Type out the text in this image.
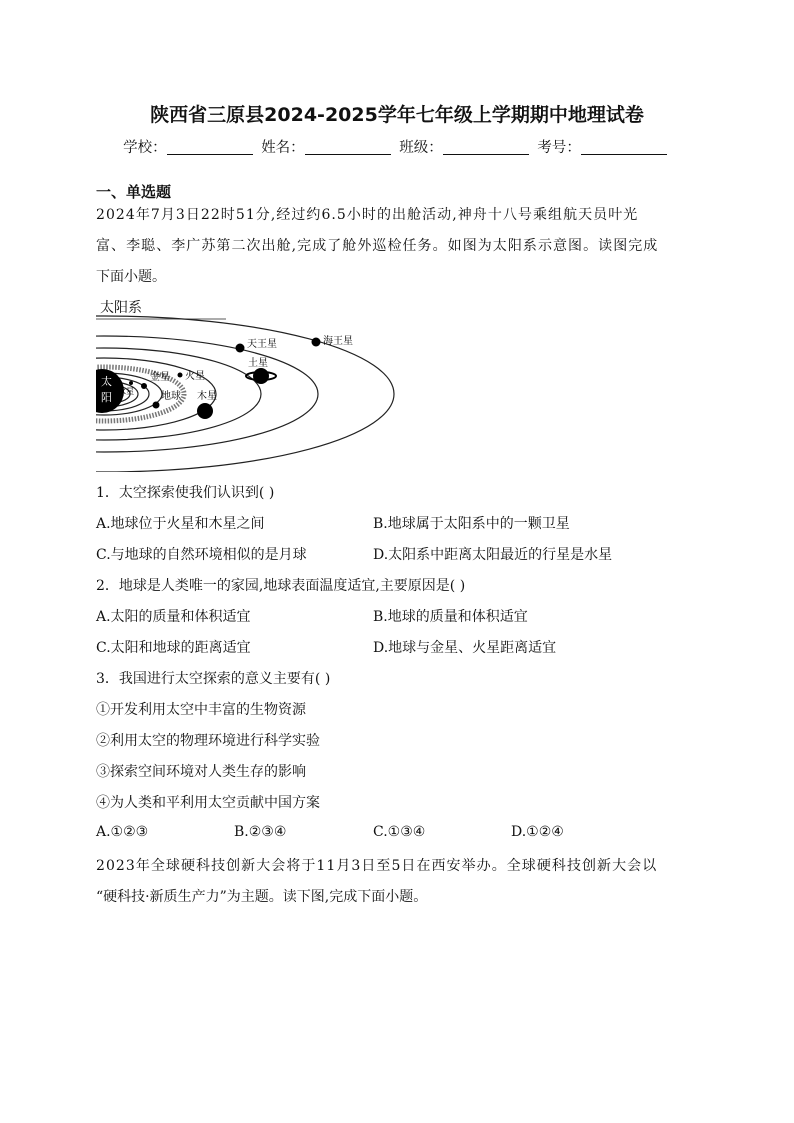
陕西省三原县2024-2025学年七年级上学期期中地理试卷
学校：	姓名：	班级：	考号：
一、单选题
2024年7月3日22时51分,经过约6.5小时的出舱活动,神舟十八号乘组航天员叶光
富、李聪、李广苏第二次出舱,完成了舱外巡检任务。如图为太阳系示意图。读图完成
下面小题。
太阳系
太
阳 水星
金星
地球
火星
木星
土星
天王星	海王星
1．太空探索使我们认识到( )
A.地球位于火星和木星之间	B.地球属于太阳系中的一颗卫星
C.与地球的自然环境相似的是月球	D.太阳系中距离太阳最近的行星是水星
2．地球是人类唯一的家园,地球表面温度适宜,主要原因是( )
A.太阳的质量和体积适宜	B.地球的质量和体积适宜
C.太阳和地球的距离适宜	D.地球与金星、火星距离适宜
3．我国进行太空探索的意义主要有( )
①开发利用太空中丰富的生物资源
②利用太空的物理环境进行科学实验
③探索空间环境对人类生存的影响
④为人类和平利用太空贡献中国方案
A.①②③	B.②③④	C.①③④	D.①②④
2023年全球硬科技创新大会将于11月3日至5日在西安举办。全球硬科技创新大会以
“硬科技·新质生产力”为主题。读下图,完成下面小题。
